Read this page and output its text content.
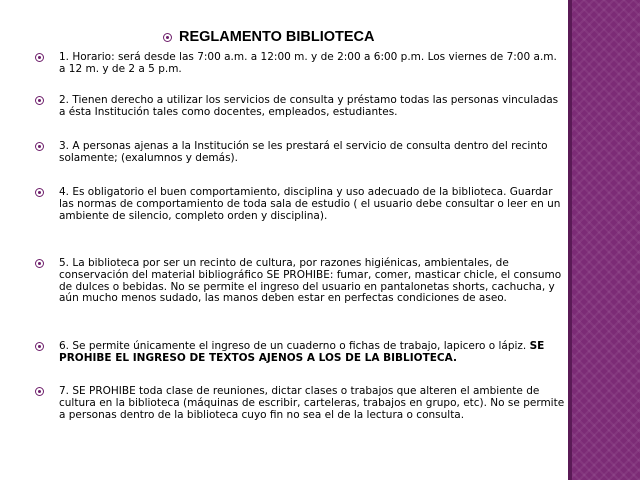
REGLAMENTO BIBLIOTECA
1. Horario: será desde las 7:00 a.m. a 12:00 m. y de 2:00 a 6:00 p.m. Los viernes de 7:00 a.m. a 12 m. y de 2 a 5 p.m.
2. Tienen derecho a utilizar los servicios de consulta y préstamo todas las personas vinculadas a ésta Institución tales como docentes, empleados, estudiantes.
3. A personas ajenas a la Institución se les prestará el servicio de consulta dentro del recinto solamente; (exalumnos y demás).
4. Es obligatorio el buen comportamiento, disciplina y uso adecuado de la biblioteca. Guardar las normas de comportamiento de toda sala de estudio ( el usuario debe consultar o leer en un ambiente de silencio, completo orden y disciplina).
5. La biblioteca por ser un recinto de cultura, por razones higiénicas, ambientales, de conservación del material bibliográfico SE PROHIBE: fumar, comer, masticar chicle, el consumo de dulces o bebidas. No se permite el ingreso del usuario en pantalonetas shorts, cachucha, y aún mucho menos sudado, las manos deben estar en perfectas condiciones de aseo.
6. Se permite únicamente el ingreso de un cuaderno o fichas de trabajo, lapicero o lápiz. SE PROHIBE EL INGRESO DE TEXTOS AJENOS A LOS DE LA BIBLIOTECA.
7. SE PROHIBE toda clase de reuniones, dictar clases o trabajos que alteren el ambiente de cultura en la biblioteca (máquinas de escribir, carteleras, trabajos en grupo, etc). No se permite a personas dentro de la biblioteca cuyo fin no sea el de la lectura o consulta.
